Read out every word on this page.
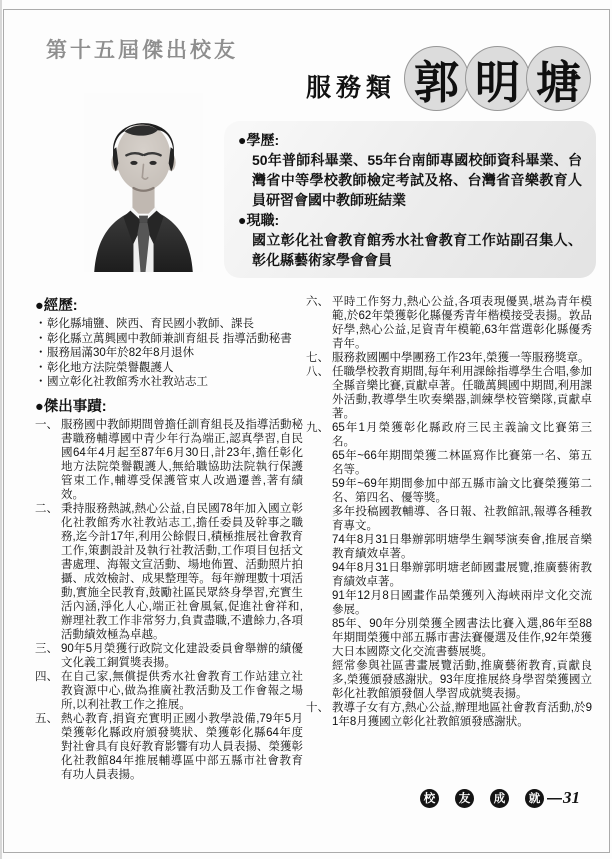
第十五屆傑出校友
服務類 郭 明 塘
●學歷:
50年普師科畢業、55年台南師專國校師資科畢業、台灣省中等學校教師檢定考試及格、台灣省音樂教育人員研習會國中教師班結業
●現職:
國立彰化社會教育館秀水社會教育工作站副召集人、彰化縣藝術家學會會員
●經歷:
・ 彰化縣埔鹽、陝西、育民國小教師、課長
・ 彰化縣立萬興國中教師兼訓育組長 指導活動秘書
・ 服務屆滿30年於82年8月退休
・ 彰化地方法院榮譽觀護人
・ 國立彰化社教館秀水社教站志工
●傑出事蹟:
一、 服務國中教師期間曾擔任訓育組長及指導活動秘書職務輔導國中青少年行為端正,認真學習,自民國64年4月起至87年6月30日,計23年,擔任彰化地方法院榮譽觀護人,無給職協助法院執行保護管束工作,輔導受保護管束人改過遷善,著有績效。
二、 秉持服務熱誠,熱心公益,自民國78年加入國立彰化社教館秀水社教站志工,擔任委員及幹事之職務,迄今計17年,利用公餘假日,積極推展社會教育工作,策劃設計及執行社教活動,工作項目包括文書處理、海報文宣活動、場地佈置、活動照片拍攝、成效檢討、成果整理等。每年辦理數十項活動,實施全民教育,鼓勵社區民眾終身學習,充實生活內涵,淨化人心,端正社會風氣,促進社會祥和,辦理社教工作非常努力,負責盡職,不遺餘力,各項活動績效極為卓越。
三、 90年5月榮獲行政院文化建設委員會舉辦的績優文化義工銅質獎表揚。
四、 在自己家,無償提供秀水社會教育工作站建立社教資源中心,做為推廣社教活動及工作會報之場所,以利社教工作之推展。
五、 熱心教育,捐資充實明正國小教學設備,79年5月榮獲彰化縣政府頒發獎狀、榮獲彰化縣64年度對社會具有良好教育影響有功人員表揚、榮獲彰化社教館84年推展輔導區中部五縣市社會教育有功人員表揚。
六、 平時工作努力,熱心公益,各項表現優異,堪為青年模範,於62年榮獲彰化縣優秀青年楷模接受表揚。敦品好學,熱心公益,足資青年模範,63年當選彰化縣優秀青年。
七、 服務救國團中學團務工作23年,榮獲一等服務獎章。
八、 任職學校教育期間,每年利用課餘指導學生合唱,參加全縣音樂比賽,貢獻卓著。任職萬興國中期間,利用課外活動,教導學生吹奏樂器,訓練學校管樂隊,貢獻卓著。
九、 65年1月榮獲彰化縣政府三民主義論文比賽第三名。
65年~66年期間榮獲二林區寫作比賽第一名、第五名等。
59年~69年期間參加中部五縣市論文比賽榮獲第二名、第四名、優等獎。
多年投稿國教輔導、各日報、社教館訊,報導各種教育專文。
74年8月31日舉辦郭明塘學生鋼琴演奏會,推展音樂教育績效卓著。
94年8月31日舉辦郭明塘老師國畫展覽,推廣藝術教育績效卓著。
91年12月8日國畫作品榮獲列入海峽兩岸文化交流參展。
85年、90年分別榮獲全國書法比賽入選,86年至88年期間榮獲中部五縣市書法賽優選及佳作,92年榮獲大日本國際文化交流書藝展獎。
經常參與社區書畫展覽活動,推廣藝術教育,貢獻良多,榮獲頒發感謝狀。93年度推展終身學習榮獲國立彰化社教館頒發個人學習成就獎表揚。
十、 教導子女有方,熱心公益,辦理地區社會教育活動,於91年8月獲國立彰化社教館頒發感謝狀。
校	友	成	就 — 31
